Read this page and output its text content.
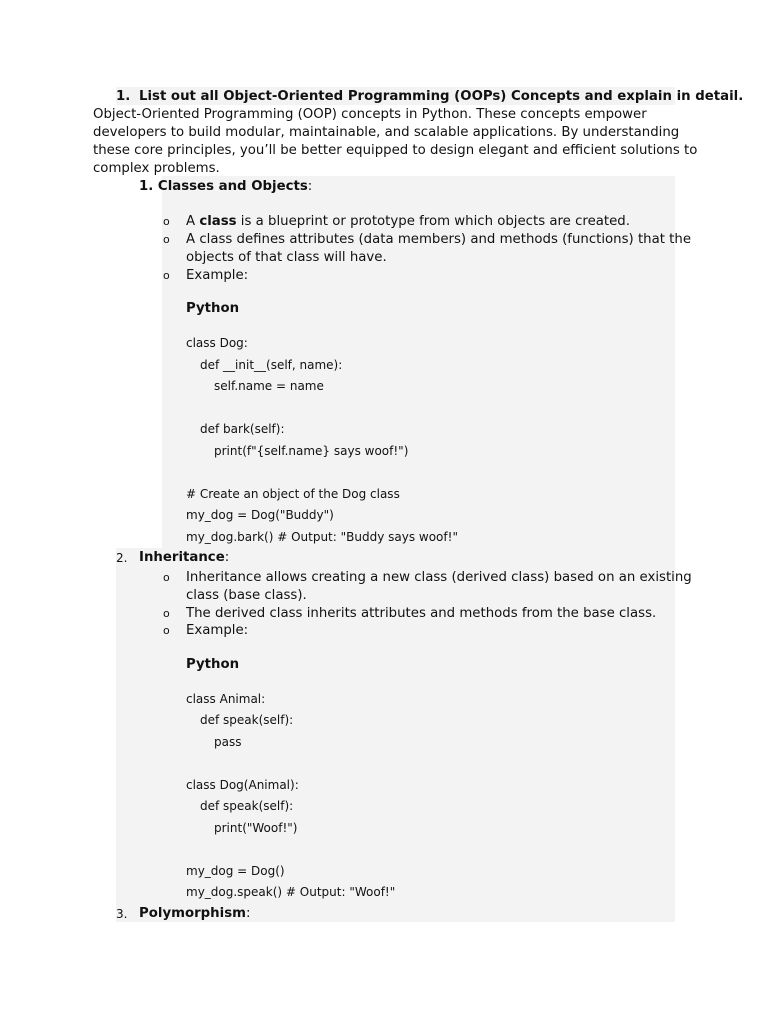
1. List out all Object-Oriented Programming (OOPs) Concepts and explain in detail.
Object-Oriented Programming (OOP) concepts in Python. These concepts empower
developers to build modular, maintainable, and scalable applications. By understanding
these core principles, you’ll be better equipped to design elegant and efficient solutions to
complex problems.
1. Classes and Objects:
o A class is a blueprint or prototype from which objects are created.
o A class defines attributes (data members) and methods (functions) that the
objects of that class will have.
o Example:
Python
class Dog:
def __init__(self, name):
self.name = name
def bark(self):
print(f"{self.name} says woof!")
# Create an object of the Dog class
my_dog = Dog("Buddy")
my_dog.bark() # Output: "Buddy says woof!"
2. Inheritance:
o Inheritance allows creating a new class (derived class) based on an existing
class (base class).
o The derived class inherits attributes and methods from the base class.
o Example:
Python
class Animal:
def speak(self):
pass
class Dog(Animal):
def speak(self):
print("Woof!")
my_dog = Dog()
my_dog.speak() # Output: "Woof!"
3. Polymorphism:
